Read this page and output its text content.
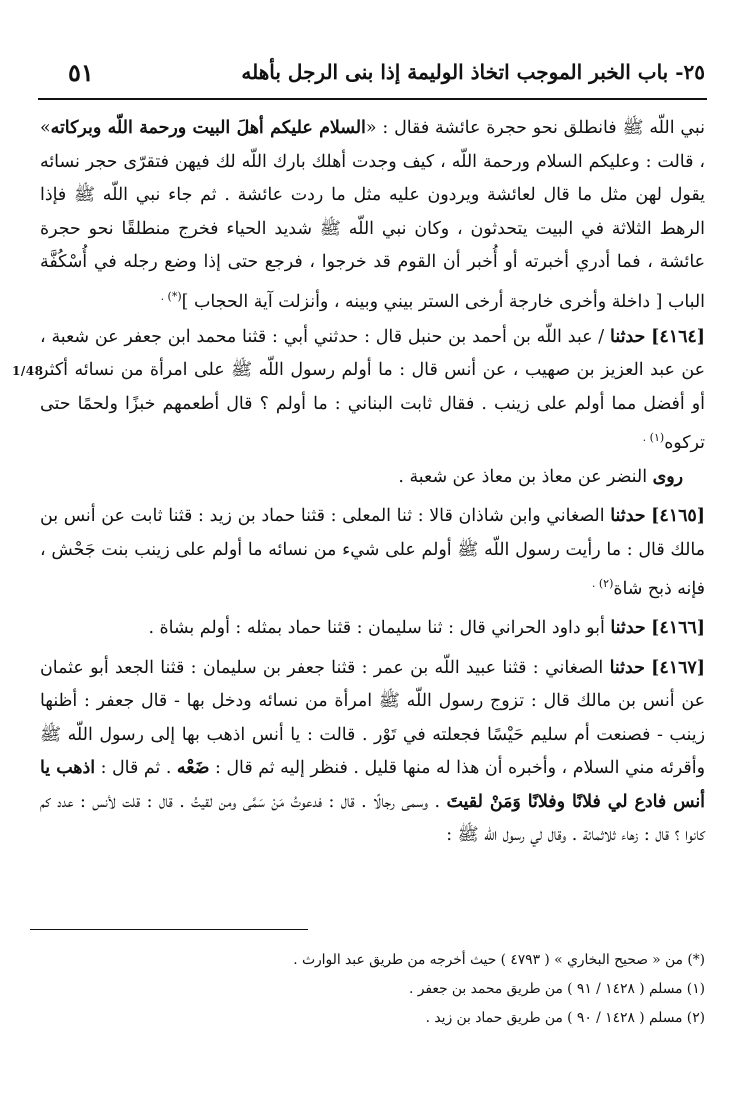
٢٥- باب الخبر الموجب اتخاذ الوليمة إذا بنى الرجل بأهله
٥١
1/48

نبي اللّه ﷺ فانطلق نحو حجرة عائشة فقال : «السلام عليكم أهلَ البيت ورحمة اللّه وبركاته» ، قالت : وعليكم السلام ورحمة اللّه ، كيف وجدت أهلك بارك اللّه لك فيهن فتقرّى حجر نسائه يقول لهن مثل ما قال لعائشة ويردون عليه مثل ما ردت عائشة . ثم جاء نبي اللّه ﷺ فإذا الرهط الثلاثة في البيت يتحدثون ، وكان نبي اللّه ﷺ شديد الحياء فخرج منطلقًا نحو حجرة عائشة ، فما أدري أخبرته أو أُخبر أن القوم قد خرجوا ، فرجع حتى إذا وضع رجله في أُسْكُفَّة الباب [ داخلة وأخرى خارجة أرخى الستر بيني وبينه ، وأنزلت آية الحجاب ](*) .

[٤١٦٤] حدثنا / عبد اللّه بن أحمد بن حنبل قال : حدثني أبي : قثنا محمد ابن جعفر عن شعبة ، عن عبد العزيز بن صهيب ، عن أنس قال : ما أولم رسول اللّه ﷺ على امرأة من نسائه أكثر أو أفضل مما أولم على زينب . فقال ثابت البناني : ما أولم ؟ قال أطعمهم خبزًا ولحمًا حتى تركوه$^{(١) .}$

روى النضر عن معاذ بن معاذ عن شعبة .

[٤١٦٥] حدثنا الصغاني وابن شاذان قالا : ثنا المعلى : قثنا حماد بن زيد : قثنا ثابت عن أنس بن مالك قال : ما رأيت رسول اللّه ﷺ أولم على شيء من نسائه ما أولم على زينب بنت جَحْش ، فإنه ذبح شاة$^{(٢) .}$

[٤١٦٦] حدثنا أبو داود الحراني قال : ثنا سليمان : قثنا حماد بمثله : أولم بشاة .

[٤١٦٧] حدثنا الصغاني : قثنا عبيد اللّه بن عمر : قثنا جعفر بن سليمان : قثنا الجعد أبو عثمان عن أنس بن مالك قال : تزوج رسول اللّه ﷺ امرأة من نسائه ودخل بها - قال جعفر : أظنها زينب - فصنعت أم سليم حَيْسًا فجعلته في تَوْر . قالت : يا أنس اذهب بها إلى رسول اللّه ﷺ وأقرئه مني السلام ، وأخبره أن هذا له منها قليل . فنظر إليه ثم قال : ضَعْه . ثم قال : اذهب يا أنس فادع لي فلانًا وفلانًا وَمَنْ لقيتَ . وسمى رجالًا . قال : فدعوتُ مَنْ سَمَّى ومن لقيتُ . قال : قلت لأنس : عدد كم كانوا ؟ قال : زهاء ثلاثمائة . وقال لي رسول اللّه ﷺ :

(*) من « صحيح البخاري » ( ٤٧٩٣ ) حيث أخرجه من طريق عبد الوارث .

(١) مسلم ( ١٤٢٨ / ٩١ ) من طريق محمد بن جعفر .

(٢) مسلم ( ١٤٢٨ / ٩٠ ) من طريق حماد بن زيد .
